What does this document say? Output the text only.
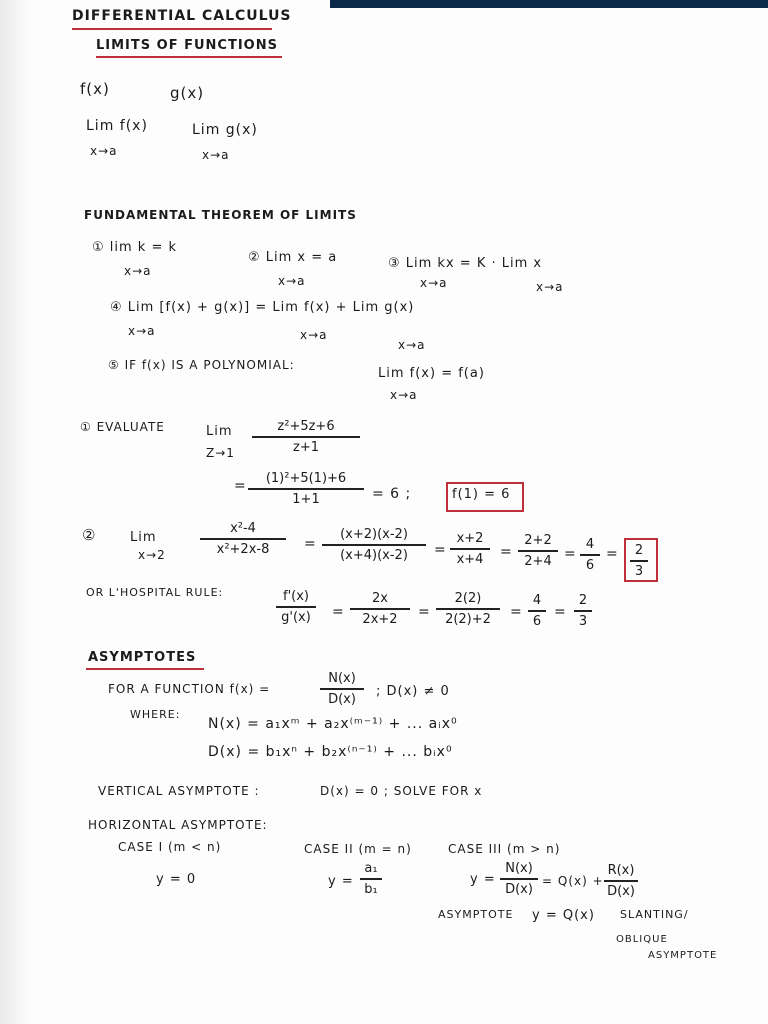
DIFFERENTIAL CALCULUS
LIMITS OF FUNCTIONS
f(x)	g(x)
Lim f(x)
x→a
Lim g(x)
x→a
FUNDAMENTAL THEOREM OF LIMITS
① lim k = k
x→a
② Lim x = a
x→a
③ Lim kx = K · Lim x
x→a	x→a
④ Lim [f(x) + g(x)] = Lim f(x) + Lim g(x)
x→a	x→a
x→a
⑤ IF f(x) IS A POLYNOMIAL:
Lim f(x) = f(a)
x→a
① EVALUATE	Lim
Z→1
z²+5z+6
z+1
= (1)²+5(1)+6
1+1	= 6 ;	f(1) = 6
②	Lim
x→2
x²-4
x²+2x-8 =
(x+2)(x-2)
(x+4)(x-2) =
x+2
x+4 =
2+2
2+4 =
4
6
= 2
3
OR L'HOSPITAL RULE:	f'(x)
g'(x) =
2x
2x+2 =
2(2)
2(2)+2 =
4
6
=
2
3
ASYMPTOTES
FOR A FUNCTION f(x) =
N(x)
D(x) ; D(x) ≠ 0
WHERE:
N(x) = a₁xᵐ + a₂x⁽ᵐ⁻¹⁾ + ... aᵢx⁰
D(x) = b₁xⁿ + b₂x⁽ⁿ⁻¹⁾ + ... bᵢx⁰
VERTICAL ASYMPTOTE :	D(x) = 0 ; SOLVE FOR x
HORIZONTAL ASYMPTOTE:
CASE I (m < n)
y = 0
CASE II (m = n)
y =
a₁
b₁
CASE III (m > n)
y =
N(x)
D(x)
= Q(x) +
R(x)
D(x)
ASYMPTOTE y = Q(x) SLANTING/
OBLIQUE
ASYMPTOTE
